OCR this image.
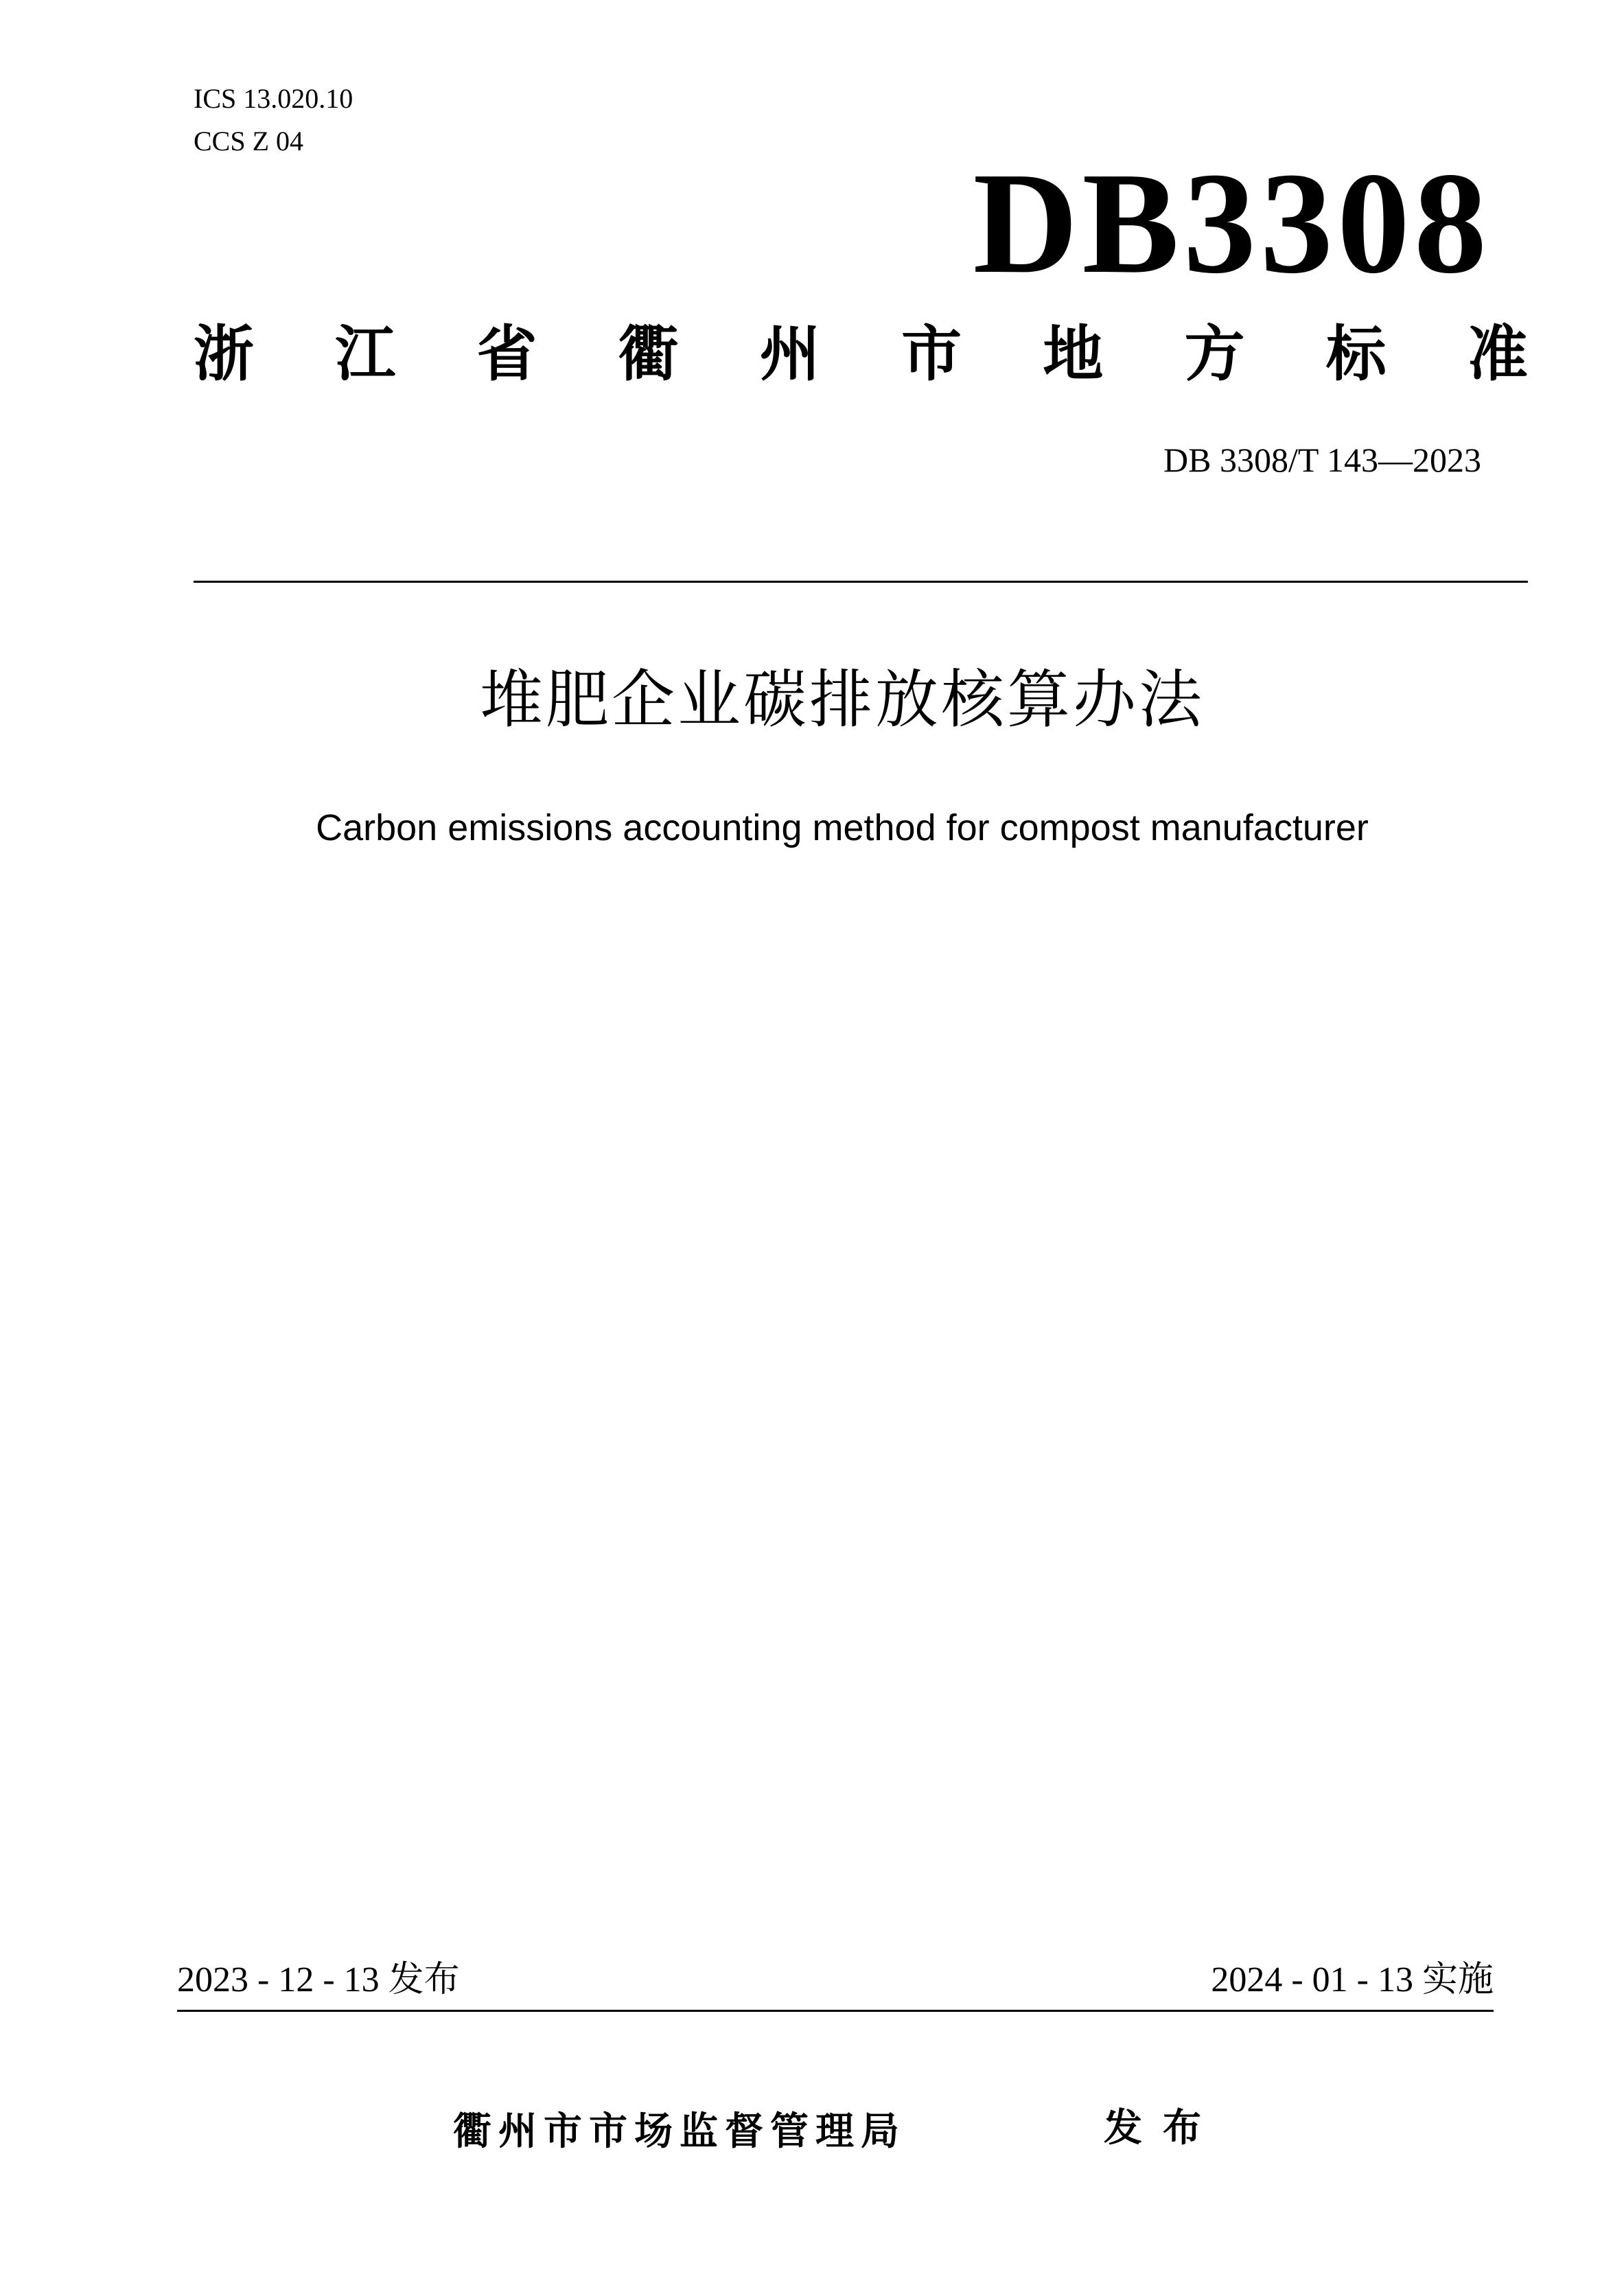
ICS 13.020.10
CCS Z 04
DB3308
浙 江 省 衢 州 市 地 方 标 准
DB 3308/T 143—2023
堆肥企业碳排放核算办法
Carbon emissions accounting method for compost manufacturer
2023 - 12 - 13 发布	2024 - 01 - 13 实施
衢州市市场监督管理局	发布
